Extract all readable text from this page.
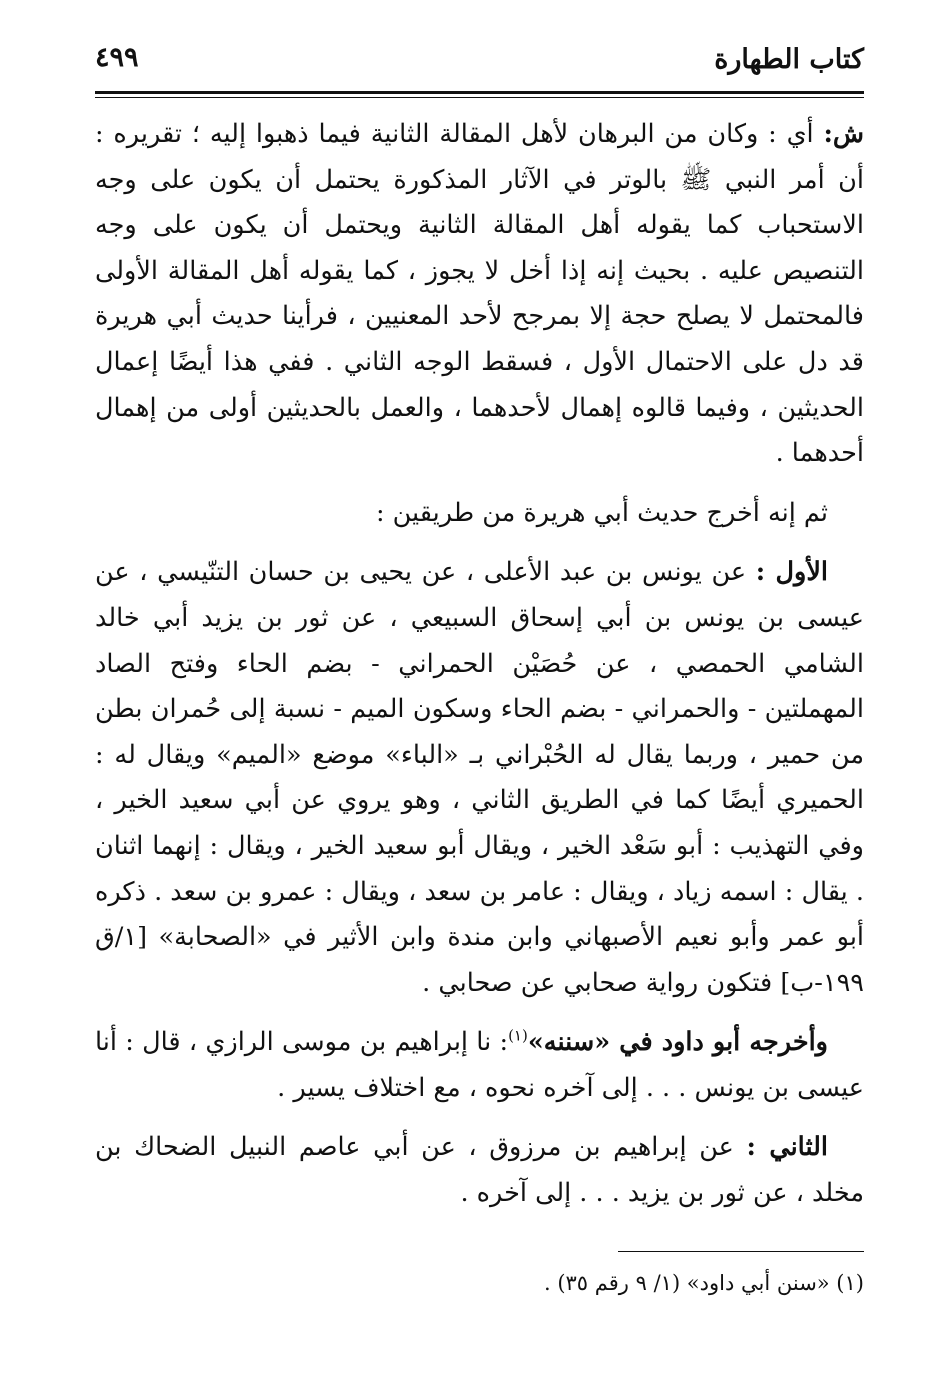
كتاب الطهارة
٤٩٩

ش: أي : وكان من البرهان لأهل المقالة الثانية فيما ذهبوا إليه ؛ تقريره : أن أمر النبي ﷺ بالوتر في الآثار المذكورة يحتمل أن يكون على وجه الاستحباب كما يقوله أهل المقالة الثانية ويحتمل أن يكون على وجه التنصيص عليه . بحيث إنه إذا أخل لا يجوز ، كما يقوله أهل المقالة الأولى فالمحتمل لا يصلح حجة إلا بمرجح لأحد المعنيين ، فرأينا حديث أبي هريرة قد دل على الاحتمال الأول ، فسقط الوجه الثاني . ففي هذا أيضًا إعمال الحديثين ، وفيما قالوه إهمال لأحدهما ، والعمل بالحديثين أولى من إهمال أحدهما .

ثم إنه أخرج حديث أبي هريرة من طريقين :

الأول : عن يونس بن عبد الأعلى ، عن يحيى بن حسان التنّيسي ، عن عيسى بن يونس بن أبي إسحاق السبيعي ، عن ثور بن يزيد أبي خالد الشامي الحمصي ، عن حُصَيْن الحمراني - بضم الحاء وفتح الصاد المهملتين - والحمراني - بضم الحاء وسكون الميم - نسبة إلى حُمران بطن من حمير ، وربما يقال له الحُبْراني بـ «الباء» موضع «الميم» ويقال له : الحميري أيضًا كما في الطريق الثاني ، وهو يروي عن أبي سعيد الخير ، وفي التهذيب : أبو سَعْد الخير ، ويقال أبو سعيد الخير ، ويقال : إنهما اثنان . يقال : اسمه زياد ، ويقال : عامر بن سعد ، ويقال : عمرو بن سعد . ذكره أبو عمر وأبو نعيم الأصبهاني وابن مندة وابن الأثير في «الصحابة» [١/ق ١٩٩-ب] فتكون رواية صحابي عن صحابي .

وأخرجه أبو داود في «سننه»$^{(١)}$: نا إبراهيم بن موسى الرازي ، قال : أنا عيسى بن يونس . . . إلى آخره نحوه ، مع اختلاف يسير .

الثاني : عن إبراهيم بن مرزوق ، عن أبي عاصم النبيل الضحاك بن مخلد ، عن ثور بن يزيد . . . إلى آخره .

(١) «سنن أبي داود» (١/ ٩ رقم ٣٥) .
